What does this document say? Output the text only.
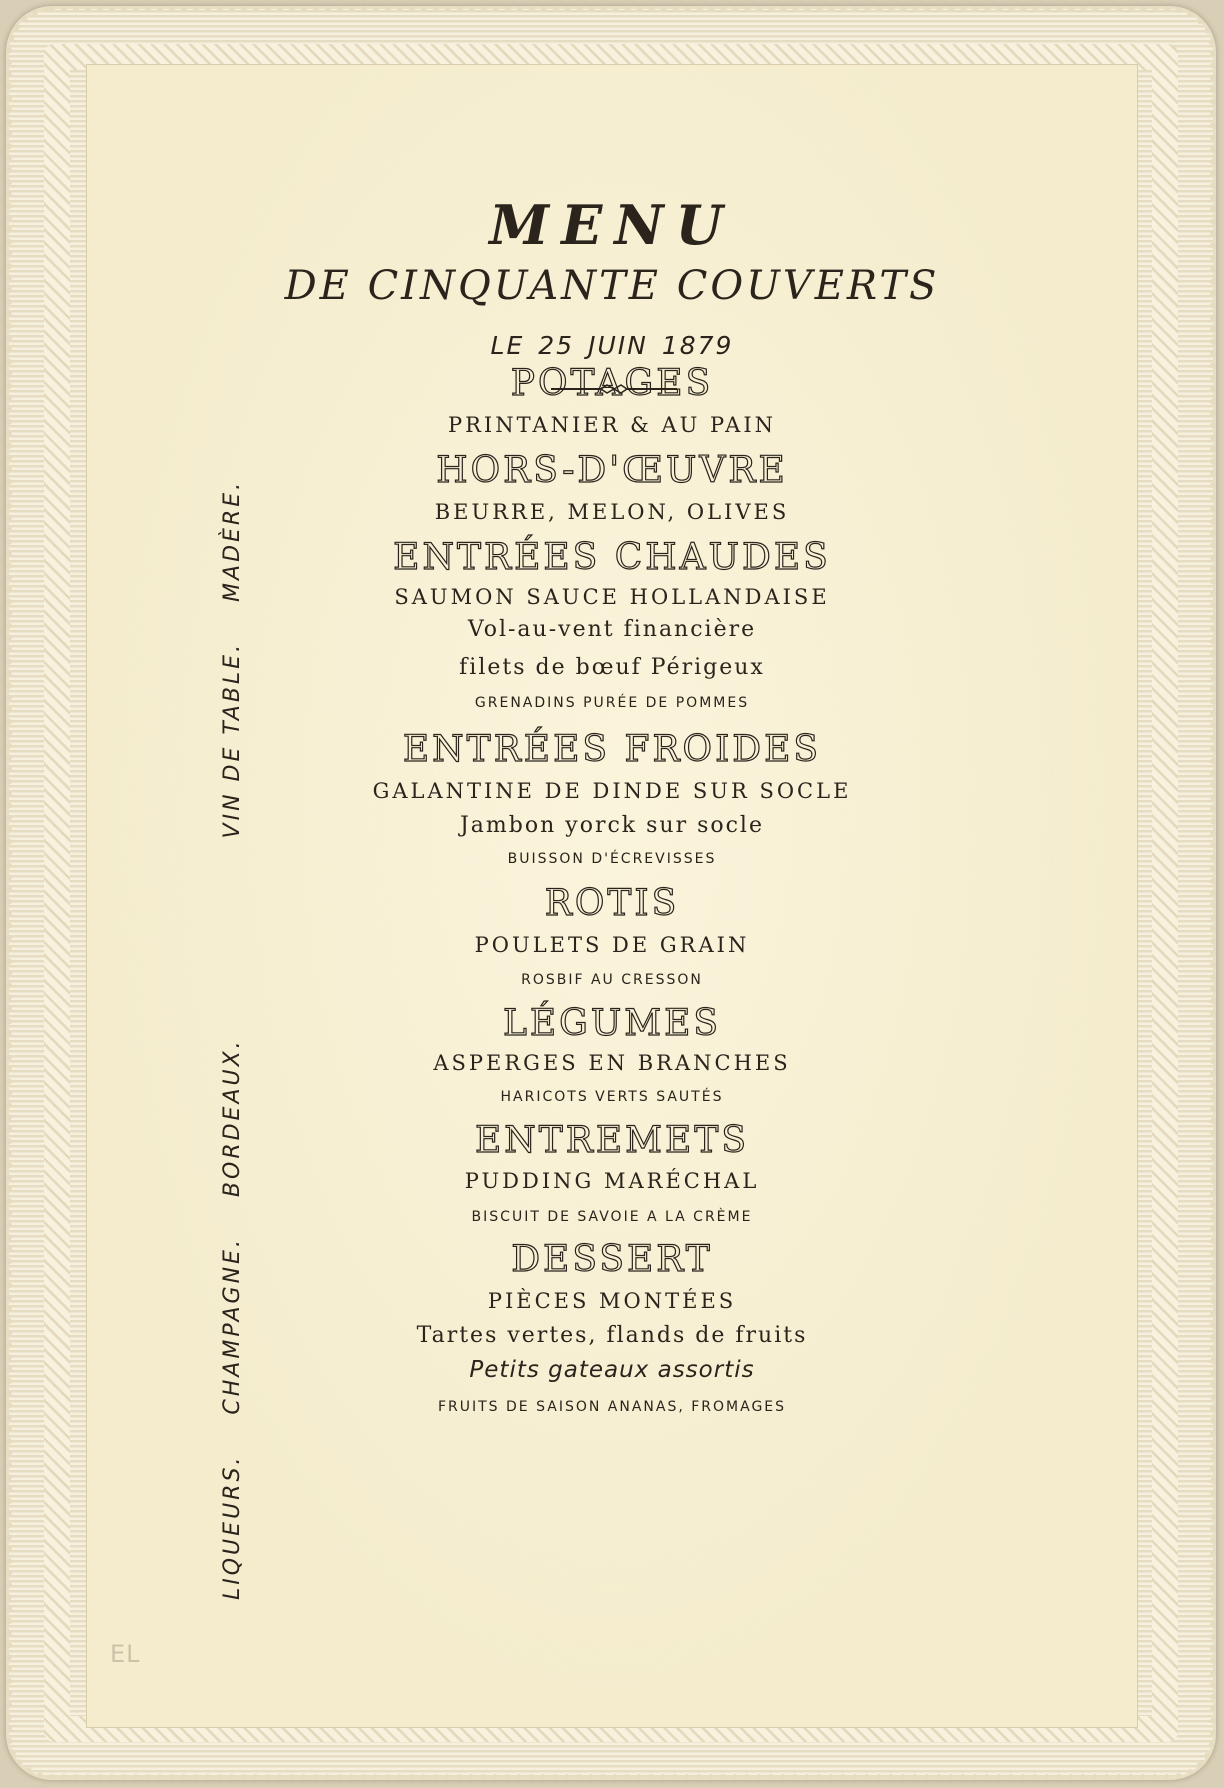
MENU
DE CINQUANTE COUVERTS
LE 25 JUIN 1879
POTAGES
PRINTANIER & AU PAIN
HORS-D'ŒUVRE
BEURRE, MELON, OLIVES
ENTRÉES CHAUDES
SAUMON SAUCE HOLLANDAISE
Vol-au-vent financière
filets de bœuf Périgeux
GRENADINS PURÉE DE POMMES
ENTRÉES FROIDES
GALANTINE DE DINDE SUR SOCLE
Jambon yorck sur socle
BUISSON D'ÉCREVISSES
ROTIS
POULETS DE GRAIN
ROSBIF AU CRESSON
LÉGUMES
ASPERGES EN BRANCHES
HARICOTS VERTS SAUTÉS
ENTREMETS
PUDDING MARÉCHAL
BISCUIT DE SAVOIE A LA CRÈME
DESSERT
PIÈCES MONTÉES
Tartes vertes, flands de fruits
Petits gateaux assortis
FRUITS DE SAISON ANANAS, FROMAGES
LIQUEURS.    CHAMPAGNE.    BORDEAUX.                    VIN DE TABLE.    MADÈRE.
EL
